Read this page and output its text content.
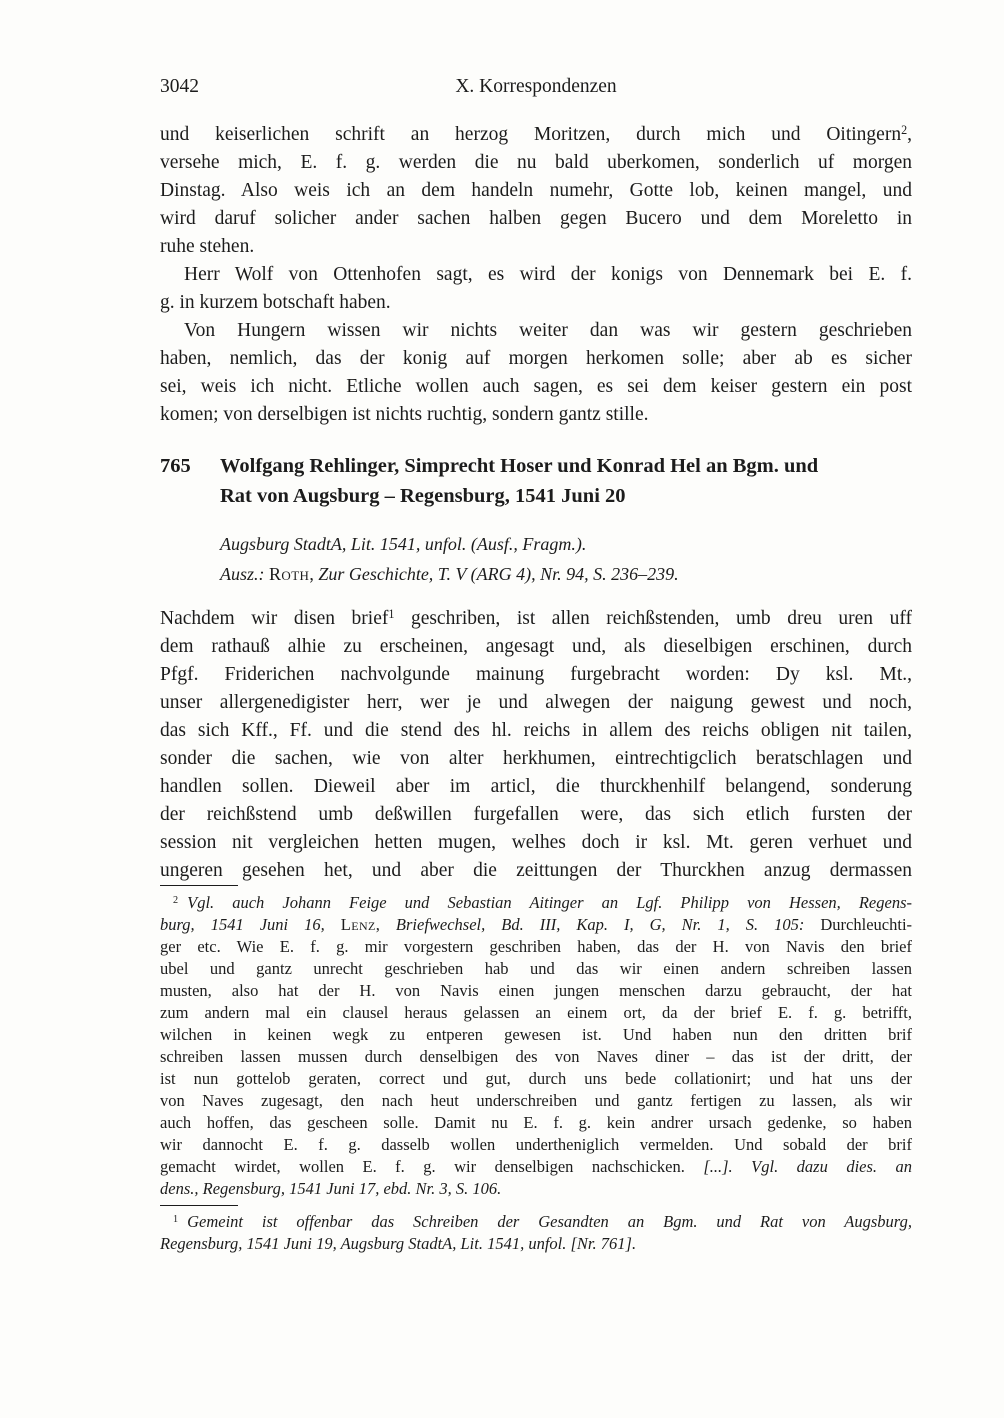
3042	X. Korrespondenzen
und keiserlichen schrift an herzog Moritzen, durch mich und Oitingern$^2$,
versehe mich, E. f. g. werden die nu bald uberkomen, sonderlich uf morgen
Dinstag. Also weis ich an dem handeln numehr, Gotte lob, keinen mangel, und
wird daruf solicher ander sachen halben gegen Bucero und dem Moreletto in
ruhe stehen.
Herr Wolf von Ottenhofen sagt, es wird der konigs von Dennemark bei E. f.
g. in kurzem botschaft haben.
Von Hungern wissen wir nichts weiter dan was wir gestern geschrieben
haben, nemlich, das der konig auf morgen herkomen solle; aber ab es sicher
sei, weis ich nicht. Etliche wollen auch sagen, es sei dem keiser gestern ein post
komen; von derselbigen ist nichts ruchtig, sondern gantz stille.
765 Wolfgang Rehlinger, Simprecht Hoser und Konrad Hel an Bgm. und
Rat von Augsburg – Regensburg, 1541 Juni 20
Augsburg StadtA, Lit. 1541, unfol. (Ausf., Fragm.).
Ausz.: Roth, Zur Geschichte, T. V (ARG 4), Nr. 94, S. 236–239.
Nachdem wir disen brief$^1$ geschriben, ist allen reichßstenden, umb dreu uren uff
dem rathauß alhie zu erscheinen, angesagt und, als dieselbigen erschinen, durch
Pfgf. Friderichen nachvolgunde mainung furgebracht worden: Dy ksl. Mt.,
unser allergenedigister herr, wer je und alwegen der naigung gewest und noch,
das sich Kff., Ff. und die stend des hl. reichs in allem des reichs obligen nit tailen,
sonder die sachen, wie von alter herkhumen, eintrechtigclich beratschlagen und
handlen sollen. Dieweil aber im articl, die thurckhenhilf belangend, sonderung
der reichßstend umb deßwillen furgefallen were, das sich etlich fursten der
session nit vergleichen hetten mugen, welhes doch ir ksl. Mt. geren verhuet und
ungeren gesehen het, und aber die zeittungen der Thurckhen anzug dermassen
$^2$ Vgl. auch Johann Feige und Sebastian Aitinger an Lgf. Philipp von Hessen, Regens-
burg, 1541 Juni 16, Lenz, Briefwechsel, Bd. III, Kap. I, G, Nr. 1, S. 105: Durchleuchti-
ger etc. Wie E. f. g. mir vorgestern geschriben haben, das der H. von Navis den brief
ubel und gantz unrecht geschrieben hab und das wir einen andern schreiben lassen
musten, also hat der H. von Navis einen jungen menschen darzu gebraucht, der hat
zum andern mal ein clausel heraus gelassen an einem ort, da der brief E. f. g. betrifft,
wilchen in keinen wegk zu entperen gewesen ist. Und haben nun den dritten brif
schreiben lassen mussen durch denselbigen des von Naves diner – das ist der dritt, der
ist nun gottelob geraten, correct und gut, durch uns bede collationirt; und hat uns der
von Naves zugesagt, den nach heut underschreiben und gantz fertigen zu lassen, als wir
auch hoffen, das gescheen solle. Damit nu E. f. g. kein andrer ursach gedenke, so haben
wir dannocht E. f. g. dasselb wollen undertheniglich vermelden. Und sobald der brif
gemacht wirdet, wollen E. f. g. wir denselbigen nachschicken. [...]. Vgl. dazu dies. an
dens., Regensburg, 1541 Juni 17, ebd. Nr. 3, S. 106.
$^1$ Gemeint ist offenbar das Schreiben der Gesandten an Bgm. und Rat von Augsburg,
Regensburg, 1541 Juni 19, Augsburg StadtA, Lit. 1541, unfol. [Nr. 761].
